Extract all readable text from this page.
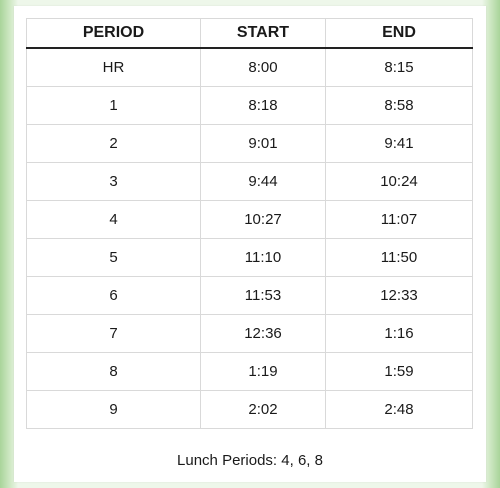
PERIOD	START	END
HR	8:00	8:15
1	8:18	8:58
2	9:01	9:41
3	9:44	10:24
4	10:27	11:07
5	11:10	11:50
6	11:53	12:33
7	12:36	1:16
8	1:19	1:59
9	2:02	2:48
Lunch Periods: 4, 6, 8
